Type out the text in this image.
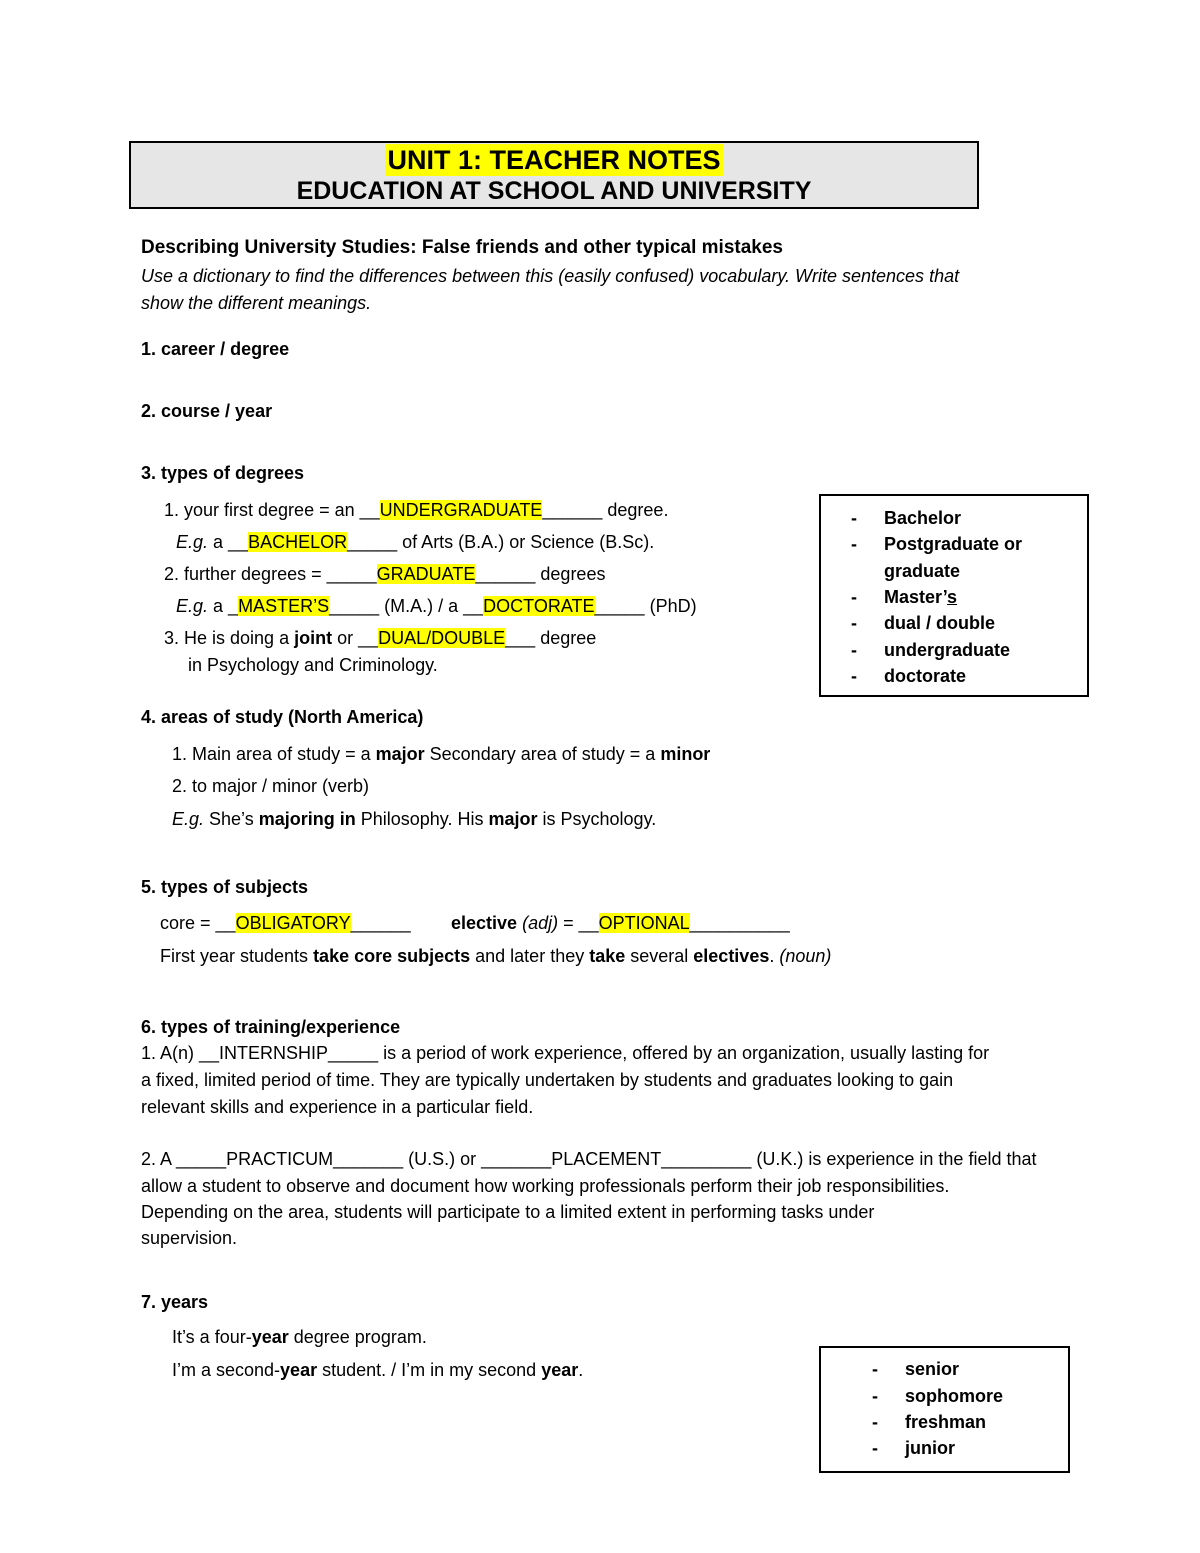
UNIT 1: TEACHER NOTES
EDUCATION AT SCHOOL AND UNIVERSITY
Describing University Studies: False friends and other typical mistakes
Use a dictionary to find the differences between this (easily confused) vocabulary. Write sentences that
show the different meanings.
1. career / degree
2. course / year
3. types of degrees
1. your first degree = an __UNDERGRADUATE______ degree.
E.g. a __BACHELOR_____ of Arts (B.A.) or Science (B.Sc).
2. further degrees = _____GRADUATE______ degrees
E.g. a _MASTER’S_____ (M.A.) / a __DOCTORATE_____ (PhD)
3. He is doing a joint or __DUAL/DOUBLE___ degree
in Psychology and Criminology.
- Bachelor
- Postgraduate or
graduate
- Master’s
- dual / double
- undergraduate
- doctorate
4. areas of study (North America)
1. Main area of study = a major Secondary area of study = a minor
2. to major / minor (verb)
E.g. She’s majoring in Philosophy. His major is Psychology.
5. types of subjects
core = __OBLIGATORY______ elective (adj) = __OPTIONAL__________
First year students take core subjects and later they take several electives. (noun)
6. types of training/experience
1. A(n) __INTERNSHIP_____ is a period of work experience, offered by an organization, usually lasting for
a fixed, limited period of time. They are typically undertaken by students and graduates looking to gain
relevant skills and experience in a particular field.
2. A _____PRACTICUM_______ (U.S.) or _______PLACEMENT_________ (U.K.) is experience in the field that
allow a student to observe and document how working professionals perform their job responsibilities.
Depending on the area, students will participate to a limited extent in performing tasks under
supervision.
7. years
It’s a four-year degree program.
I’m a second-year student. / I’m in my second year.	- senior
- sophomore
- freshman
- junior
